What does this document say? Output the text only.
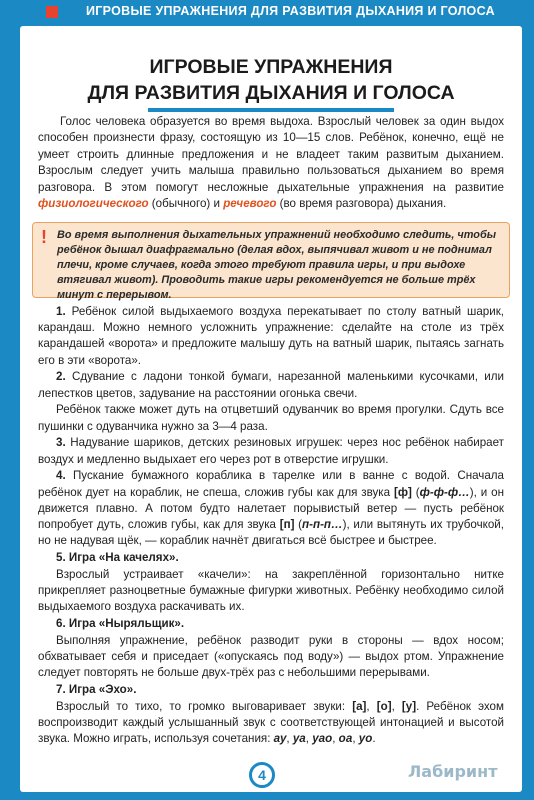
ИГРОВЫЕ УПРАЖНЕНИЯ ДЛЯ РАЗВИТИЯ ДЫХАНИЯ И ГОЛОСА
ИГРОВЫЕ УПРАЖНЕНИЯ
ДЛЯ РАЗВИТИЯ ДЫХАНИЯ И ГОЛОСА

Голос человека образуется во время выдоха. Взрослый человек за один выдох способен произнести фразу, состоящую из 10—15 слов. Ребёнок, конечно, ещё не умеет строить длинные предложения и не владеет таким развитым дыханием. Взрослым следует учить малыша правильно пользоваться дыханием во время разговора. В этом помогут несложные дыхательные упражнения на развитие физиологического (обычного) и речевого (во время разговора) дыхания.

! Во время выполнения дыхательных упражнений необходимо следить, чтобы ребёнок дышал диафрагмально (делая вдох, выпячивал живот и не поднимал плечи, кроме случаев, когда этого требуют правила игры, и при выдохе втягивал живот). Проводить такие игры рекомендуется не больше трёх минут с перерывом.

1. Ребёнок силой выдыхаемого воздуха перекатывает по столу ватный шарик, карандаш. Можно немного усложнить упражнение: сделайте на столе из трёх карандашей «ворота» и предложите малышу дуть на ватный шарик, пытаясь загнать его в эти «ворота».

2. Сдувание с ладони тонкой бумаги, нарезанной маленькими кусочками, или лепестков цветов, задувание на расстоянии огонька свечи.

Ребёнок также может дуть на отцветший одуванчик во время прогулки. Сдуть все пушинки с одуванчика нужно за 3—4 раза.

3. Надувание шариков, детских резиновых игрушек: через нос ребёнок набирает воздух и медленно выдыхает его через рот в отверстие игрушки.

4. Пускание бумажного кораблика в тарелке или в ванне с водой. Сначала ребёнок дует на кораблик, не спеша, сложив губы как для звука [ф] (ф-ф-ф…), и он движется плавно. А потом будто налетает порывистый ветер — пусть ребёнок попробует дуть, сложив губы, как для звука [п] (п-п-п…), или вытянуть их трубочкой, но не надувая щёк, — кораблик начнёт двигаться всё быстрее и быстрее.

5. Игра «На качелях».

Взрослый устраивает «качели»: на закреплённой горизонтально нитке прикрепляет разноцветные бумажные фигурки животных. Ребёнку необходимо силой выдыхаемого воздуха раскачивать их.

6. Игра «Ныряльщик».

Выполняя упражнение, ребёнок разводит руки в стороны — вдох носом; обхватывает себя и приседает («опускаясь под воду») — выдох ртом. Упражнение следует повторять не больше двух-трёх раз с небольшими перерывами.

7. Игра «Эхо».

Взрослый то тихо, то громко выговаривает звуки: [а], [о], [у]. Ребёнок эхом воспроизводит каждый услышанный звук с соответствующей интонацией и высотой звука. Можно играть, используя сочетания: ау, уа, уао, оа, уо.

4	Лабиринт
